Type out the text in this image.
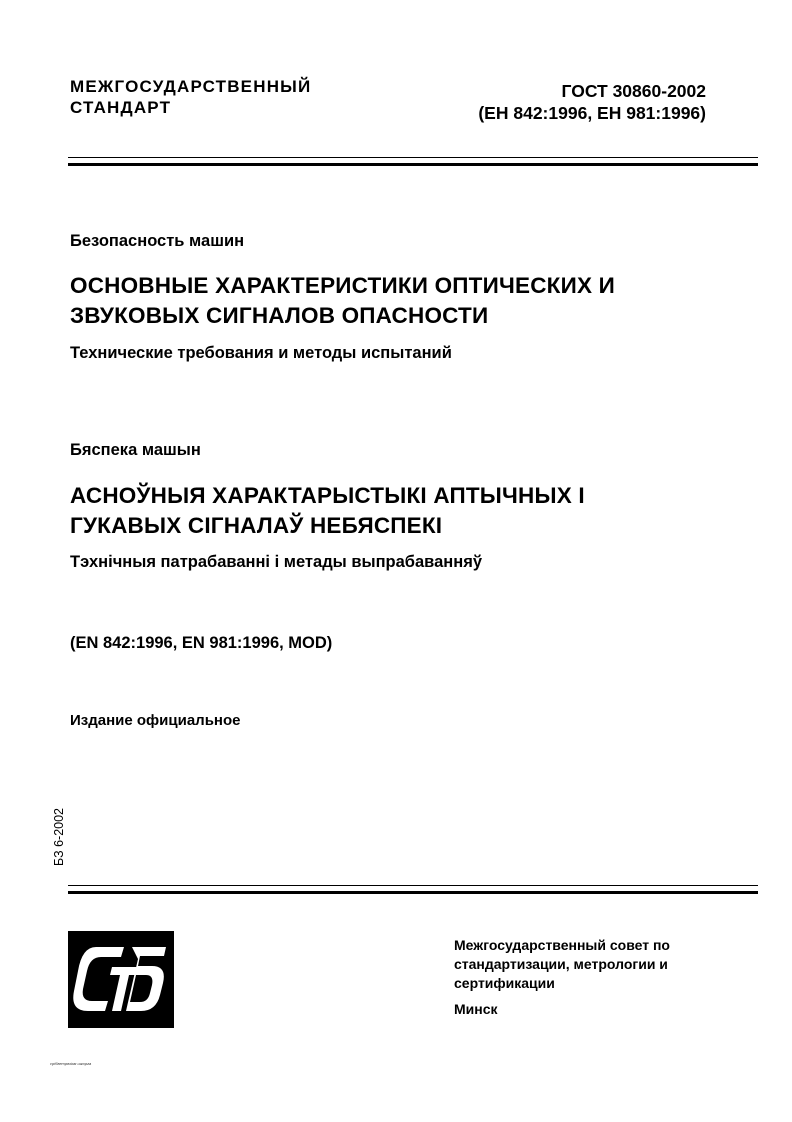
МЕЖГОСУДАРСТВЕННЫЙ
СТАНДАРТ
ГОСТ 30860-2002
(ЕН 842:1996, ЕН 981:1996)
Безопасность машин
ОСНОВНЫЕ ХАРАКТЕРИСТИКИ ОПТИЧЕСКИХ И
ЗВУКОВЫХ СИГНАЛОВ ОПАСНОСТИ
Технические требования и методы испытаний
Бяспека машын
АСНОЎНЫЯ ХАРАКТАРЫСТЫКІ АПТЫЧНЫХ І
ГУКАВЫХ СІГНАЛАЎ НЕБЯСПЕКІ
Тэхнічныя патрабаванні і метады выпрабаванняў
(EN 842:1996, EN 981:1996, MOD)
Издание официальное
БЗ 6-2002
Межгосударственный совет по
стандартизации, метрологии и
сертификации
Минск
срібветрвзізм шкорга
